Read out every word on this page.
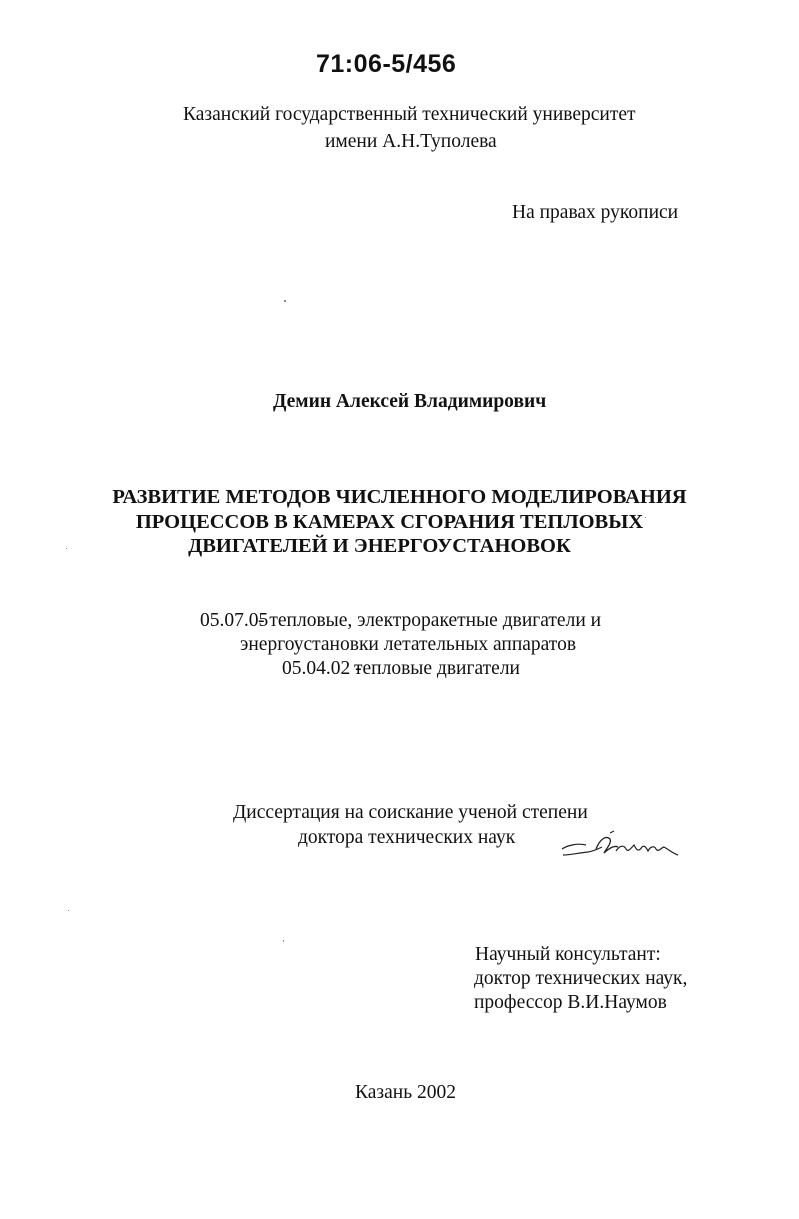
71:06-5/456
Казанский государственный технический университет
имени А.Н.Туполева
На правах рукописи
Демин Алексей Владимирович
РАЗВИТИЕ МЕТОДОВ ЧИСЛЕННОГО МОДЕЛИРОВАНИЯ
ПРОЦЕССОВ В КАМЕРАХ СГОРАНИЯ ТЕПЛОВЫХ
ДВИГАТЕЛЕЙ И ЭНЕРГОУСТАНОВОК
05.07.05
- тепловые, электроракетные двигатели и
энергоустановки летательных аппаратов
05.04.02 -
тепловые двигатели
Диссертация на соискание ученой степени
доктора технических наук
Научный консультант:
доктор технических наук,
профессор В.И.Наумов
Казань 2002
